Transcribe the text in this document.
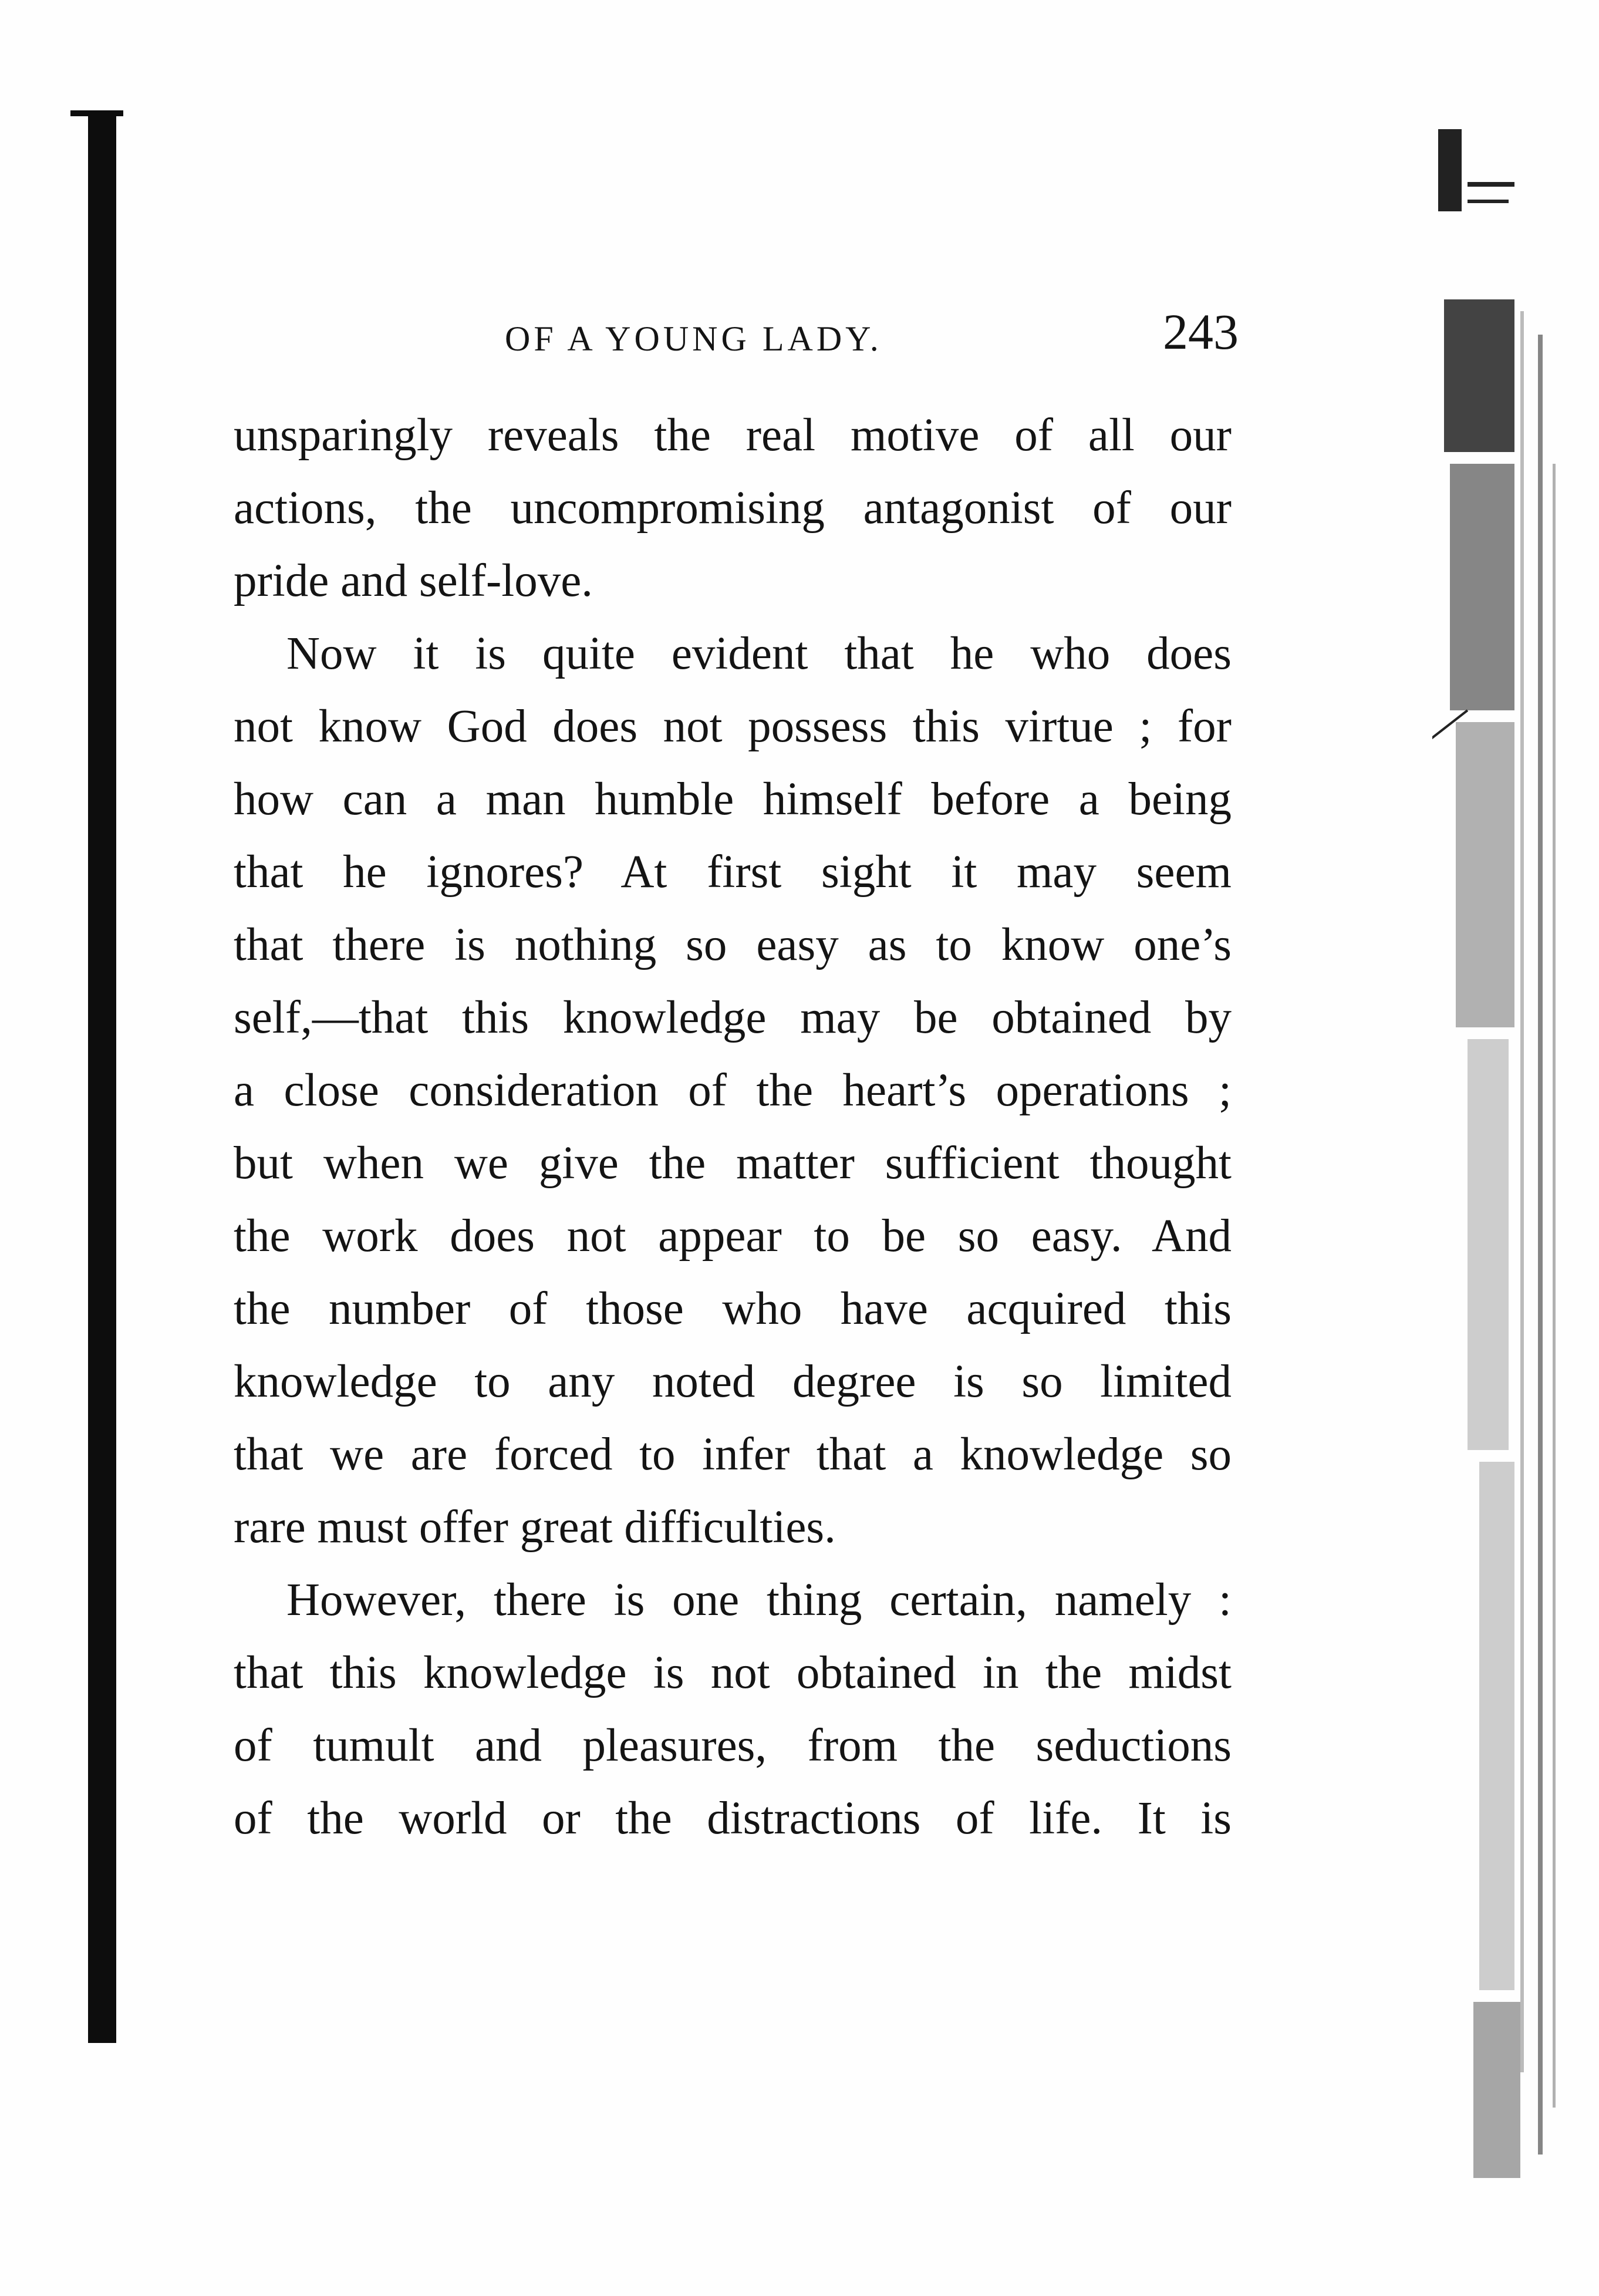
OF A YOUNG LADY.	243
unsparingly reveals the real motive of all our
actions, the uncompromising antagonist of our
pride and self-love.
Now it is quite evident that he who does
not know God does not possess this virtue ; for
how can a man humble himself before a being
that he ignores? At first sight it may seem
that there is nothing so easy as to know one’s
self,—that this knowledge may be obtained by
a close consideration of the heart’s operations ;
but when we give the matter sufficient thought
the work does not appear to be so easy. And
the number of those who have acquired this
knowledge to any noted degree is so limited
that we are forced to infer that a knowledge so
rare must offer great difficulties.
However, there is one thing certain, namely :
that this knowledge is not obtained in the midst
of tumult and pleasures, from the seductions
of the world or the distractions of life. It is
